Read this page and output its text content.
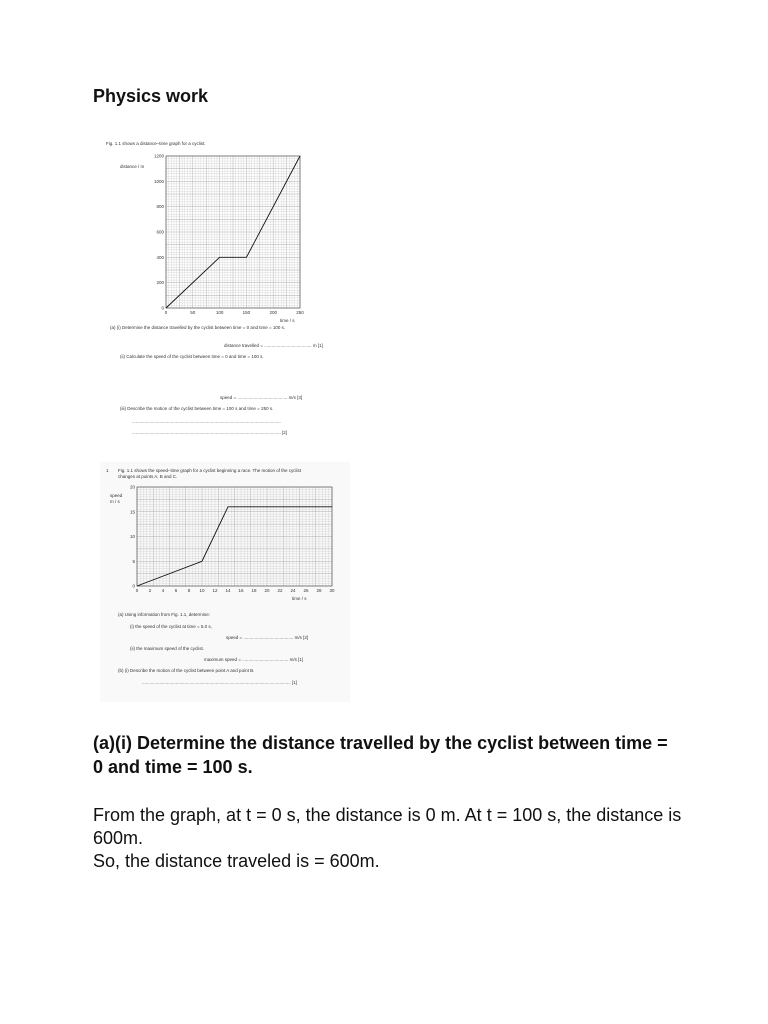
Physics work
Fig. 1.1 shows a distance–time graph for a cyclist.
distance / m
0	50	100	150	200	250
0
200
400
600
800
1000
1200
time / s
(a) (i) Determine the distance travelled by the cyclist between time = 0 and time = 100 s.
distance travelled = ...................................... m [1]
(ii) Calculate the speed of the cyclist between time = 0 and time = 100 s.
speed = ........................................ m/s [3]
(iii) Describe the motion of the cyclist between time = 100 s and time = 250 s.
.......................................................................................................................
....................................................................................................................... [2]
1 Fig. 1.1 shows the speed–time graph for a cyclist beginning a race. The motion of the cyclist
changes at points A, B and C.
speed
m / s
0 2 4 6 8 10 12 14 16 18 20 22 24 26 28 30
0
5
10
15
20
time / s
(a) Using information from Fig. 1.1, determine:
(i) the speed of the cyclist at time = 5.0 s,
speed = ........................................ m/s [2]
(ii) the maximum speed of the cyclist.
maximum speed = ..................................... m/s [1]
(b) (i) Describe the motion of the cyclist between point A and point B.
....................................................................................................................... [1]
(a)(i) Determine the distance travelled by the cyclist between time = 0 and time = 100 s.

From the graph, at t = 0 s, the distance is 0 m. At t = 100 s, the distance is 600m.

So, the distance traveled is = 600m.
